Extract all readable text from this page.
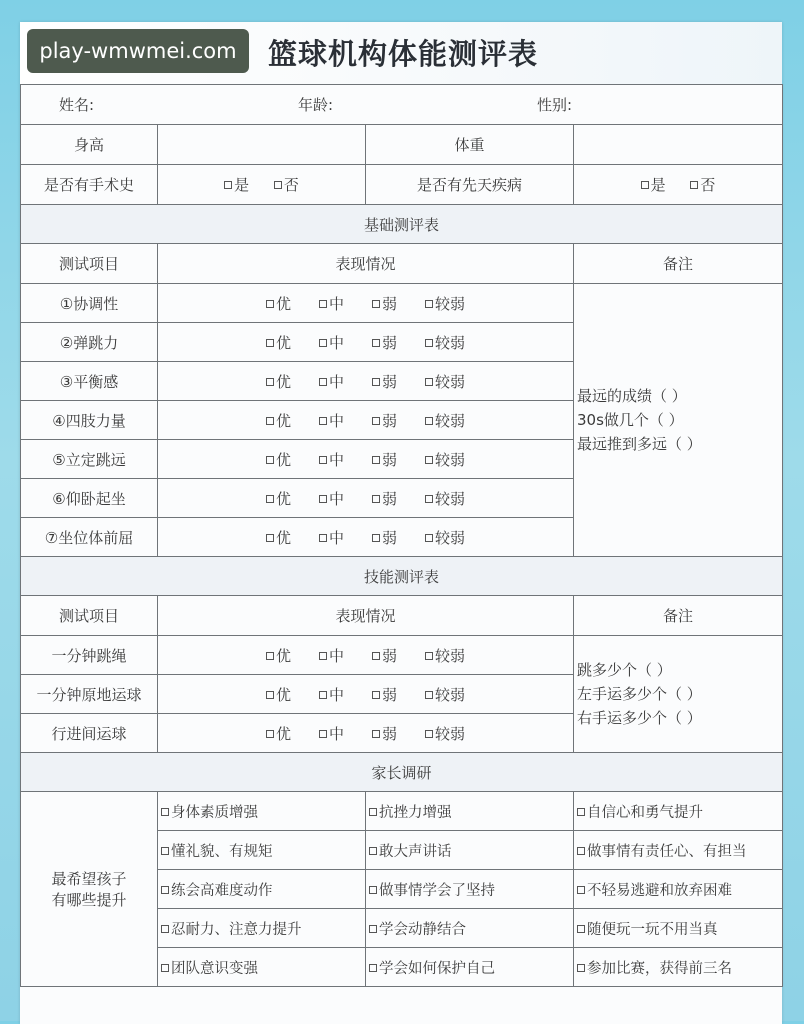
play-wmwmei.com	篮球机构体能测评表
姓名: 年龄: 性别:			

身高		体重	
是否有手术史	是 否	是否有先天疾病	是 否
基础测评表			
测试项目	表现情况		备注
①协调性	优 中 弱 较弱		最远的成绩（ ）
30s做几个（ ）
最远推到多远（ ）

②弹跳力	优 中 弱 较弱		
③平衡感	优 中 弱 较弱		
④四肢力量	优 中 弱 较弱		
⑤立定跳远	优 中 弱 较弱		
⑥仰卧起坐	优 中 弱 较弱		
⑦坐位体前屈	优 中 弱 较弱		
技能测评表			
测试项目	表现情况		备注
一分钟跳绳	优 中 弱 较弱		跳多少个（ ）
左手运多少个（ ）
右手运多少个（ ）

一分钟原地运球	优 中 弱 较弱		
行进间运球	优 中 弱 较弱		
家长调研			

最希望孩子
有哪些提升	身体素质增强	抗挫力增强	自信心和勇气提升
	懂礼貌、有规矩	敢大声讲话	做事情有责任心、有担当
	练会高难度动作	做事情学会了坚持	不轻易逃避和放弃困难
	忍耐力、注意力提升	学会动静结合	随便玩一玩不用当真
	团队意识变强	学会如何保护自己	参加比赛，获得前三名
